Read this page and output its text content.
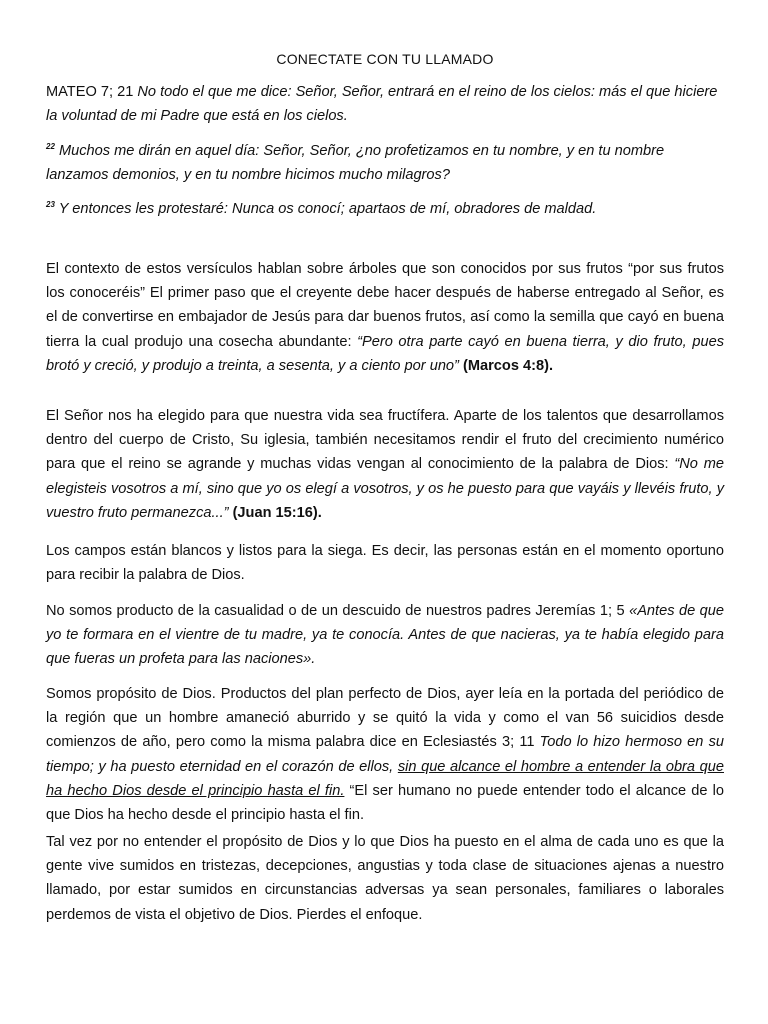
CONECTATE CON TU LLAMADO

MATEO 7; 21 No todo el que me dice: Señor, Señor, entrará en el reino de los cielos: más el que hiciere la voluntad de mi Padre que está en los cielos.

$^{22}$ Muchos me dirán en aquel día: Señor, Señor, ¿no profetizamos en tu nombre, y en tu nombre lanzamos demonios, y en tu nombre hicimos mucho milagros?

$^{23}$ Y entonces les protestaré: Nunca os conocí; apartaos de mí, obradores de maldad.

El contexto de estos versículos hablan sobre árboles que son conocidos por sus frutos “por sus frutos los conoceréis” El primer paso que el creyente debe hacer después de haberse entregado al Señor, es el de convertirse en embajador de Jesús para dar buenos frutos, así como la semilla que cayó en buena tierra la cual produjo una cosecha abundante: “Pero otra parte cayó en buena tierra, y dio fruto, pues brotó y creció, y produjo a treinta, a sesenta, y a ciento por uno” (Marcos 4:8).

El Señor nos ha elegido para que nuestra vida sea fructífera. Aparte de los talentos que desarrollamos dentro del cuerpo de Cristo, Su iglesia, también necesitamos rendir el fruto del crecimiento numérico para que el reino se agrande y muchas vidas vengan al conocimiento de la palabra de Dios: “No me elegisteis vosotros a mí, sino que yo os elegí a vosotros, y os he puesto para que vayáis y llevéis fruto, y vuestro fruto permanezca...” (Juan 15:16).

Los campos están blancos y listos para la siega. Es decir, las personas están en el momento oportuno para recibir la palabra de Dios.

No somos producto de la casualidad o de un descuido de nuestros padres Jeremías 1; 5 «Antes de que yo te formara en el vientre de tu madre, ya te conocía. Antes de que nacieras, ya te había elegido para que fueras un profeta para las naciones».

Somos propósito de Dios. Productos del plan perfecto de Dios, ayer leía en la portada del periódico de la región que un hombre amaneció aburrido y se quitó la vida y como el van 56 suicidios desde comienzos de año, pero como la misma palabra dice en Eclesiastés 3; 11 Todo lo hizo hermoso en su tiempo; y ha puesto eternidad en el corazón de ellos, sin que alcance el hombre a entender la obra que ha hecho Dios desde el principio hasta el fin. “El ser humano no puede entender todo el alcance de lo que Dios ha hecho desde el principio hasta el fin.

Tal vez por no entender el propósito de Dios y lo que Dios ha puesto en el alma de cada uno es que la gente vive sumidos en tristezas, decepciones, angustias y toda clase de situaciones ajenas a nuestro llamado, por estar sumidos en circunstancias adversas ya sean personales, familiares o laborales perdemos de vista el objetivo de Dios. Pierdes el enfoque.
